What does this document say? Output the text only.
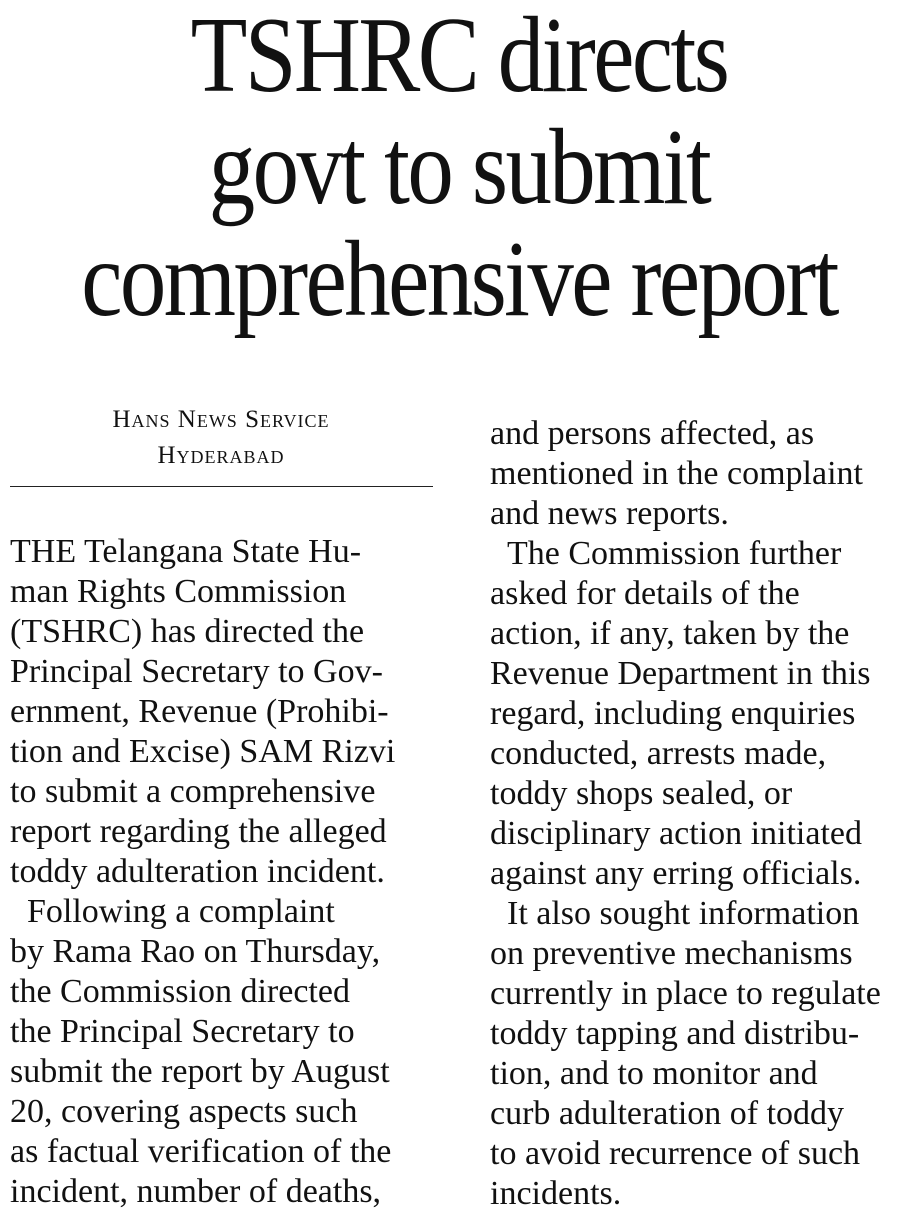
TSHRC directs
govt to submit
comprehensive report
Hans News Service
Hyderabad
THE Telangana State Hu-
man Rights Commission
(TSHRC) has directed the
Principal Secretary to Gov-
ernment, Revenue (Prohibi-
tion and Excise) SAM Rizvi
to submit a comprehensive
report regarding the alleged
toddy adulteration incident.
Following a complaint
by Rama Rao on Thursday,
the Commission directed
the Principal Secretary to
submit the report by August
20, covering aspects such
as factual verification of the
incident, number of deaths,
and persons affected, as
mentioned in the complaint
and news reports.
The Commission further
asked for details of the
action, if any, taken by the
Revenue Department in this
regard, including enquiries
conducted, arrests made,
toddy shops sealed, or
disciplinary action initiated
against any erring officials.
It also sought information
on preventive mechanisms
currently in place to regulate
toddy tapping and distribu-
tion, and to monitor and
curb adulteration of toddy
to avoid recurrence of such
incidents.
